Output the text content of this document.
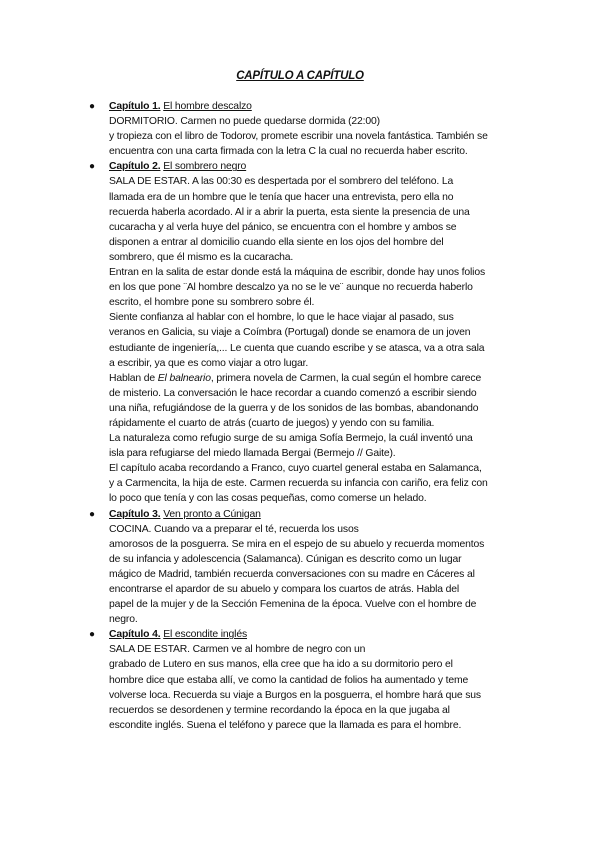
CAPÍTULO A CAPÍTULO
● Capítulo 1. El hombre descalzo
DORMITORIO. Carmen no puede quedarse dormida (22:00)
y tropieza con el libro de Todorov, promete escribir una novela fantástica. También se
encuentra con una carta firmada con la letra C la cual no recuerda haber escrito.
● Capítulo 2. El sombrero negro
SALA DE ESTAR. A las 00:30 es despertada por el sombrero del teléfono. La
llamada era de un hombre que le tenía que hacer una entrevista, pero ella no
recuerda haberla acordado. Al ir a abrir la puerta, esta siente la presencia de una
cucaracha y al verla huye del pánico, se encuentra con el hombre y ambos se
disponen a entrar al domicilio cuando ella siente en los ojos del hombre del
sombrero, que él mismo es la cucaracha.
Entran en la salita de estar donde está la máquina de escribir, donde hay unos folios
en los que pone ¨Al hombre descalzo ya no se le ve¨ aunque no recuerda haberlo
escrito, el hombre pone su sombrero sobre él.
Siente confianza al hablar con el hombre, lo que le hace viajar al pasado, sus
veranos en Galicia, su viaje a Coímbra (Portugal) donde se enamora de un joven
estudiante de ingeniería,... Le cuenta que cuando escribe y se atasca, va a otra sala
a escribir, ya que es como viajar a otro lugar.
Hablan de El balneario, primera novela de Carmen, la cual según el hombre carece
de misterio. La conversación le hace recordar a cuando comenzó a escribir siendo
una niña, refugiándose de la guerra y de los sonidos de las bombas, abandonando
rápidamente el cuarto de atrás (cuarto de juegos) y yendo con su familia.
La naturaleza como refugio surge de su amiga Sofía Bermejo, la cuál inventó una
isla para refugiarse del miedo llamada Bergai (Bermejo // Gaite).
El capítulo acaba recordando a Franco, cuyo cuartel general estaba en Salamanca,
y a Carmencita, la hija de este. Carmen recuerda su infancia con cariño, era feliz con
lo poco que tenía y con las cosas pequeñas, como comerse un helado.
● Capítulo 3. Ven pronto a Cúnigan
COCINA. Cuando va a preparar el té, recuerda los usos
amorosos de la posguerra. Se mira en el espejo de su abuelo y recuerda momentos
de su infancia y adolescencia (Salamanca). Cúnigan es descrito como un lugar
mágico de Madrid, también recuerda conversaciones con su madre en Cáceres al
encontrarse el apardor de su abuelo y compara los cuartos de atrás. Habla del
papel de la mujer y de la Sección Femenina de la época. Vuelve con el hombre de
negro.
● Capítulo 4. El escondite inglés
SALA DE ESTAR. Carmen ve al hombre de negro con un
grabado de Lutero en sus manos, ella cree que ha ido a su dormitorio pero el
hombre dice que estaba allí, ve como la cantidad de folios ha aumentado y teme
volverse loca. Recuerda su viaje a Burgos en la posguerra, el hombre hará que sus
recuerdos se desordenen y termine recordando la época en la que jugaba al
escondite inglés. Suena el teléfono y parece que la llamada es para el hombre.
